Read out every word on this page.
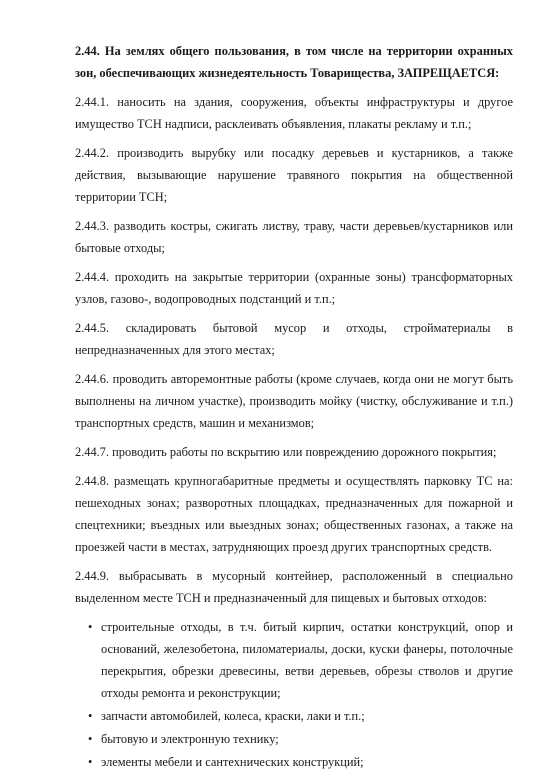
2.44. На землях общего пользования, в том числе на территории охранных зон, обеспечивающих жизнедеятельность Товарищества, ЗАПРЕЩАЕТСЯ:

2.44.1. наносить на здания, сооружения, объекты инфраструктуры и другое имущество ТСН надписи, расклеивать объявления, плакаты рекламу и т.п.;

2.44.2. производить вырубку или посадку деревьев и кустарников, а также действия, вызывающие нарушение травяного покрытия на общественной территории ТСН;

2.44.3. разводить костры, сжигать листву, траву, части деревьев/кустарников или бытовые отходы;

2.44.4. проходить на закрытые территории (охранные зоны) трансформаторных узлов, газово-, водопроводных подстанций и т.п.;

2.44.5. складировать бытовой мусор и отходы, стройматериалы в непредназначенных для этого местах;

2.44.6. проводить авторемонтные работы (кроме случаев, когда они не могут быть выполнены на личном участке), производить мойку (чистку, обслуживание и т.п.) транспортных средств, машин и механизмов;

2.44.7. проводить работы по вскрытию или повреждению дорожного покрытия;

2.44.8. размещать крупногабаритные предметы и осуществлять парковку ТС на: пешеходных зонах; разворотных площадках, предназначенных для пожарной и спецтехники; въездных или выездных зонах; общественных газонах, а также на проезжей части в местах, затрудняющих проезд других транспортных средств.

2.44.9. выбрасывать в мусорный контейнер, расположенный в специально выделенном месте ТСН и предназначенный для пищевых и бытовых отходов:

• строительные отходы, в т.ч. битый кирпич, остатки конструкций, опор и оснований, железобетона, пиломатериалы, доски, куски фанеры, потолочные перекрытия, обрезки древесины, ветви деревьев, обрезы стволов и другие отходы ремонта и реконструкции;
• запчасти автомобилей, колеса, краски, лаки и т.п.;
• бытовую и электронную технику;
• элементы мебели и сантехнических конструкций;
